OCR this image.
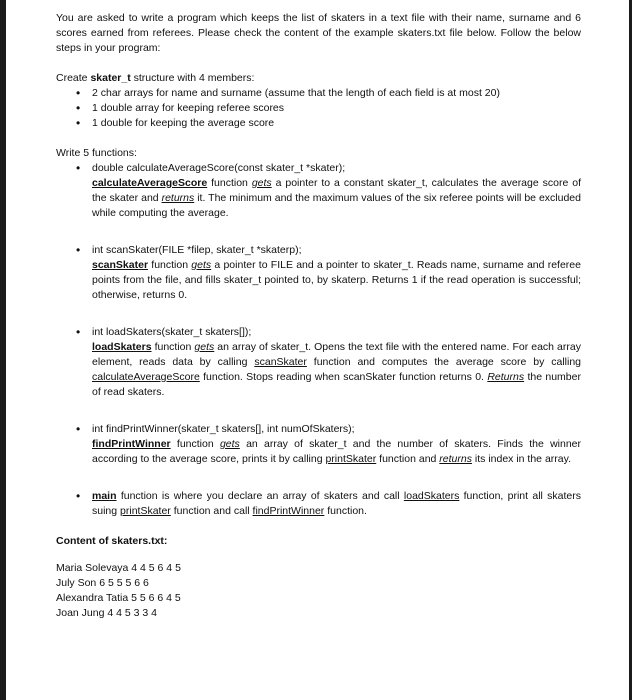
You are asked to write a program which keeps the list of skaters in a text file with their name, surname and 6 scores earned from referees. Please check the content of the example skaters.txt file below. Follow the below steps in your program:

Create skater_t structure with 4 members:

• 2 char arrays for name and surname (assume that the length of each field is at most 20)
• 1 double array for keeping referee scores
• 1 double for keeping the average score

Write 5 functions:

• double calculateAverageScore(const skater_t *skater);

calculateAverageScore function gets a pointer to a constant skater_t, calculates the average score of the skater and returns it. The minimum and the maximum values of the six referee points will be excluded while computing the average.

• int scanSkater(FILE *filep, skater_t *skaterp);

scanSkater function gets a pointer to FILE and a pointer to skater_t. Reads name, surname and referee points from the file, and fills skater_t pointed to, by skaterp. Returns 1 if the read operation is successful; otherwise, returns 0.

• int loadSkaters(skater_t skaters[]);

loadSkaters function gets an array of skater_t. Opens the text file with the entered name. For each array element, reads data by calling scanSkater function and computes the average score by calling calculateAverageScore function. Stops reading when scanSkater function returns 0. Returns the number of read skaters.

• int findPrintWinner(skater_t skaters[], int numOfSkaters);

findPrintWinner function gets an array of skater_t and the number of skaters. Finds the winner according to the average score, prints it by calling printSkater function and returns its index in the array.

• main function is where you declare an array of skaters and call loadSkaters function, print all skaters suing printSkater function and call findPrintWinner function.

Content of skaters.txt:

Maria Solevaya 4 4 5 6 4 5
July Son 6 5 5 5 6 6
Alexandra Tatia 5 5 6 6 4 5
Joan Jung 4 4 5 3 3 4
